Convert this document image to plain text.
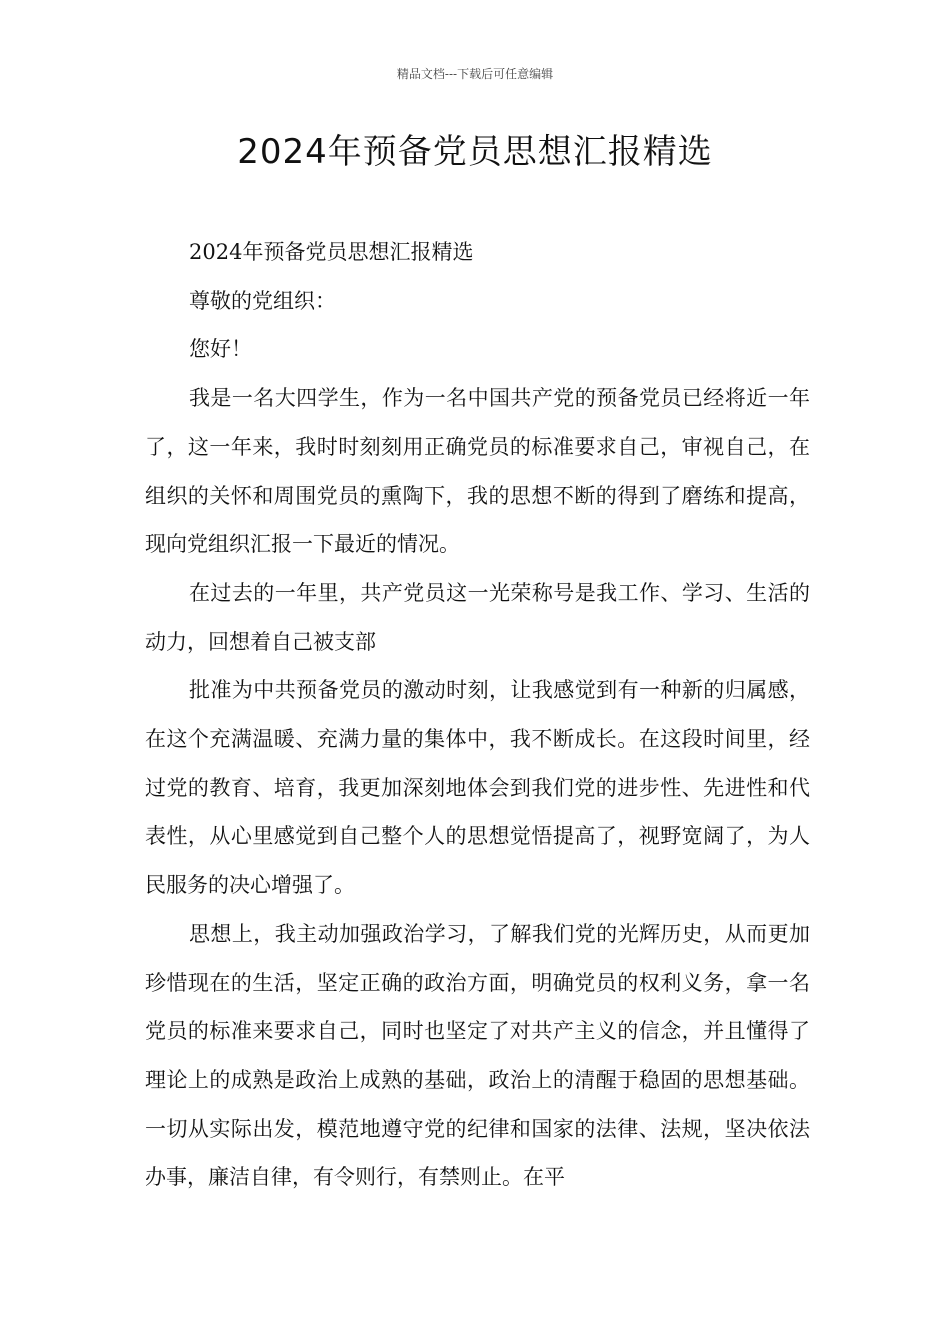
精品文档---下载后可任意编辑
2024年预备党员思想汇报精选

2024年预备党员思想汇报精选

尊敬的党组织：

您好！

我是一名大四学生，作为一名中国共产党的预备党员已经将近一年了，这一年来，我时时刻刻用正确党员的标准要求自己，审视自己，在组织的关怀和周围党员的熏陶下，我的思想不断的得到了磨练和提高，现向党组织汇报一下最近的情况。

在过去的一年里，共产党员这一光荣称号是我工作、学习、生活的动力，回想着自己被支部

批准为中共预备党员的激动时刻，让我感觉到有一种新的归属感，在这个充满温暖、充满力量的集体中，我不断成长。在这段时间里，经过党的教育、培育，我更加深刻地体会到我们党的进步性、先进性和代表性，从心里感觉到自己整个人的思想觉悟提高了，视野宽阔了，为人民服务的决心增强了。

思想上，我主动加强政治学习，了解我们党的光辉历史，从而更加珍惜现在的生活，坚定正确的政治方面，明确党员的权利义务，拿一名党员的标准来要求自己，同时也坚定了对共产主义的信念，并且懂得了理论上的成熟是政治上成熟的基础，政治上的清醒于稳固的思想基础。一切从实际出发，模范地遵守党的纪律和国家的法律、法规，坚决依法办事，廉洁自律，有令则行，有禁则止。在平
